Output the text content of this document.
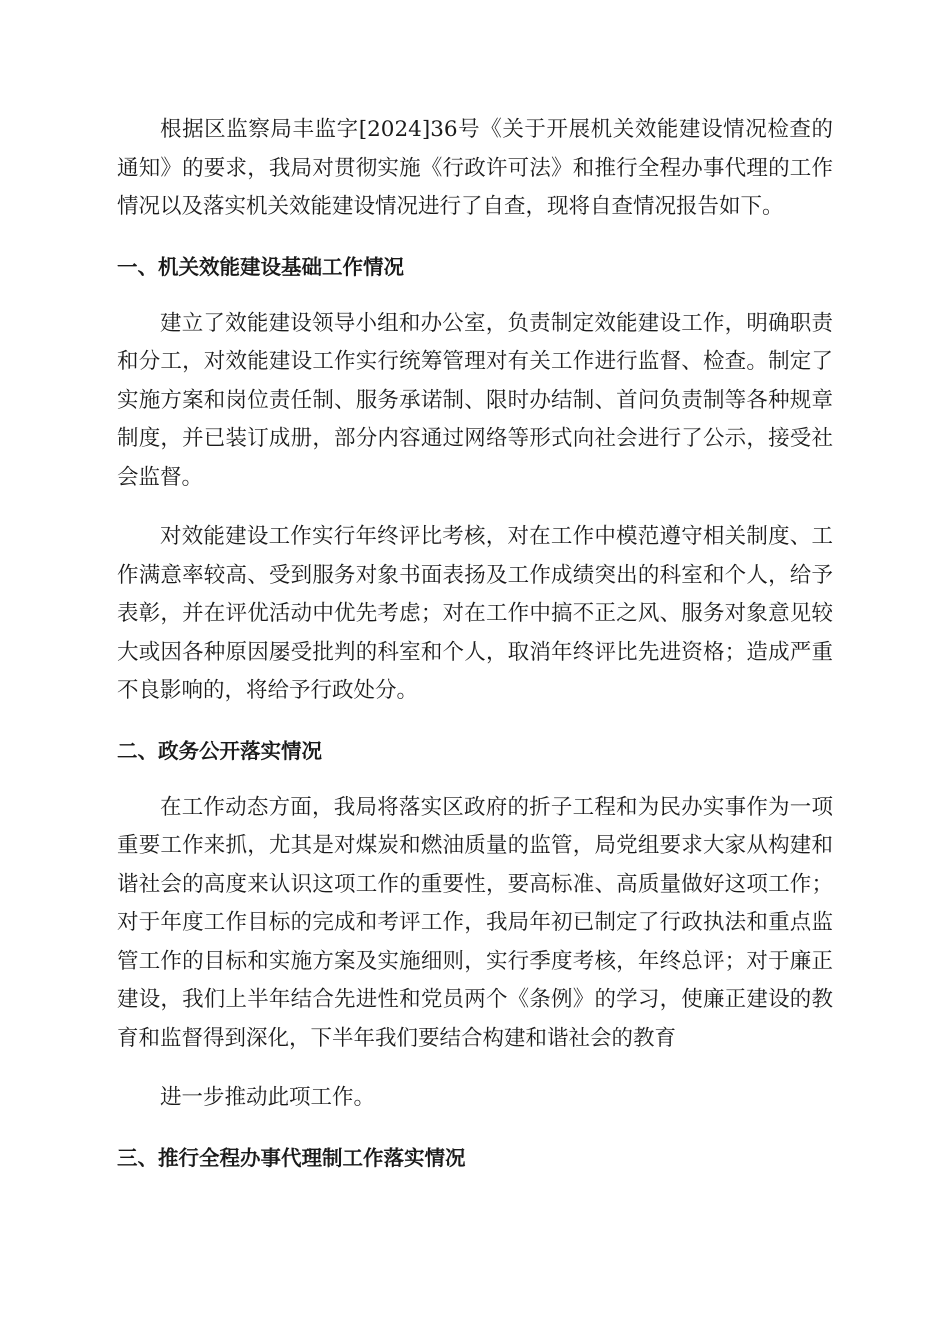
根据区监察局丰监字[2024]36号《关于开展机关效能建设情况检查的通知》的要求，我局对贯彻实施《行政许可法》和推行全程办事代理的工作情况以及落实机关效能建设情况进行了自查，现将自查情况报告如下。

一、机关效能建设基础工作情况

建立了效能建设领导小组和办公室，负责制定效能建设工作，明确职责和分工，对效能建设工作实行统筹管理对有关工作进行监督、检查。制定了实施方案和岗位责任制、服务承诺制、限时办结制、首问负责制等各种规章制度，并已装订成册，部分内容通过网络等形式向社会进行了公示，接受社会监督。

对效能建设工作实行年终评比考核，对在工作中模范遵守相关制度、工作满意率较高、受到服务对象书面表扬及工作成绩突出的科室和个人，给予表彰，并在评优活动中优先考虑；对在工作中搞不正之风、服务对象意见较大或因各种原因屡受批判的科室和个人，取消年终评比先进资格；造成严重不良影响的，将给予行政处分。

二、政务公开落实情况

在工作动态方面，我局将落实区政府的折子工程和为民办实事作为一项重要工作来抓，尤其是对煤炭和燃油质量的监管，局党组要求大家从构建和谐社会的高度来认识这项工作的重要性，要高标准、高质量做好这项工作；对于年度工作目标的完成和考评工作，我局年初已制定了行政执法和重点监管工作的目标和实施方案及实施细则，实行季度考核，年终总评；对于廉正建设，我们上半年结合先进性和党员两个《条例》的学习，使廉正建设的教育和监督得到深化，下半年我们要结合构建和谐社会的教育

进一步推动此项工作。

三、推行全程办事代理制工作落实情况
